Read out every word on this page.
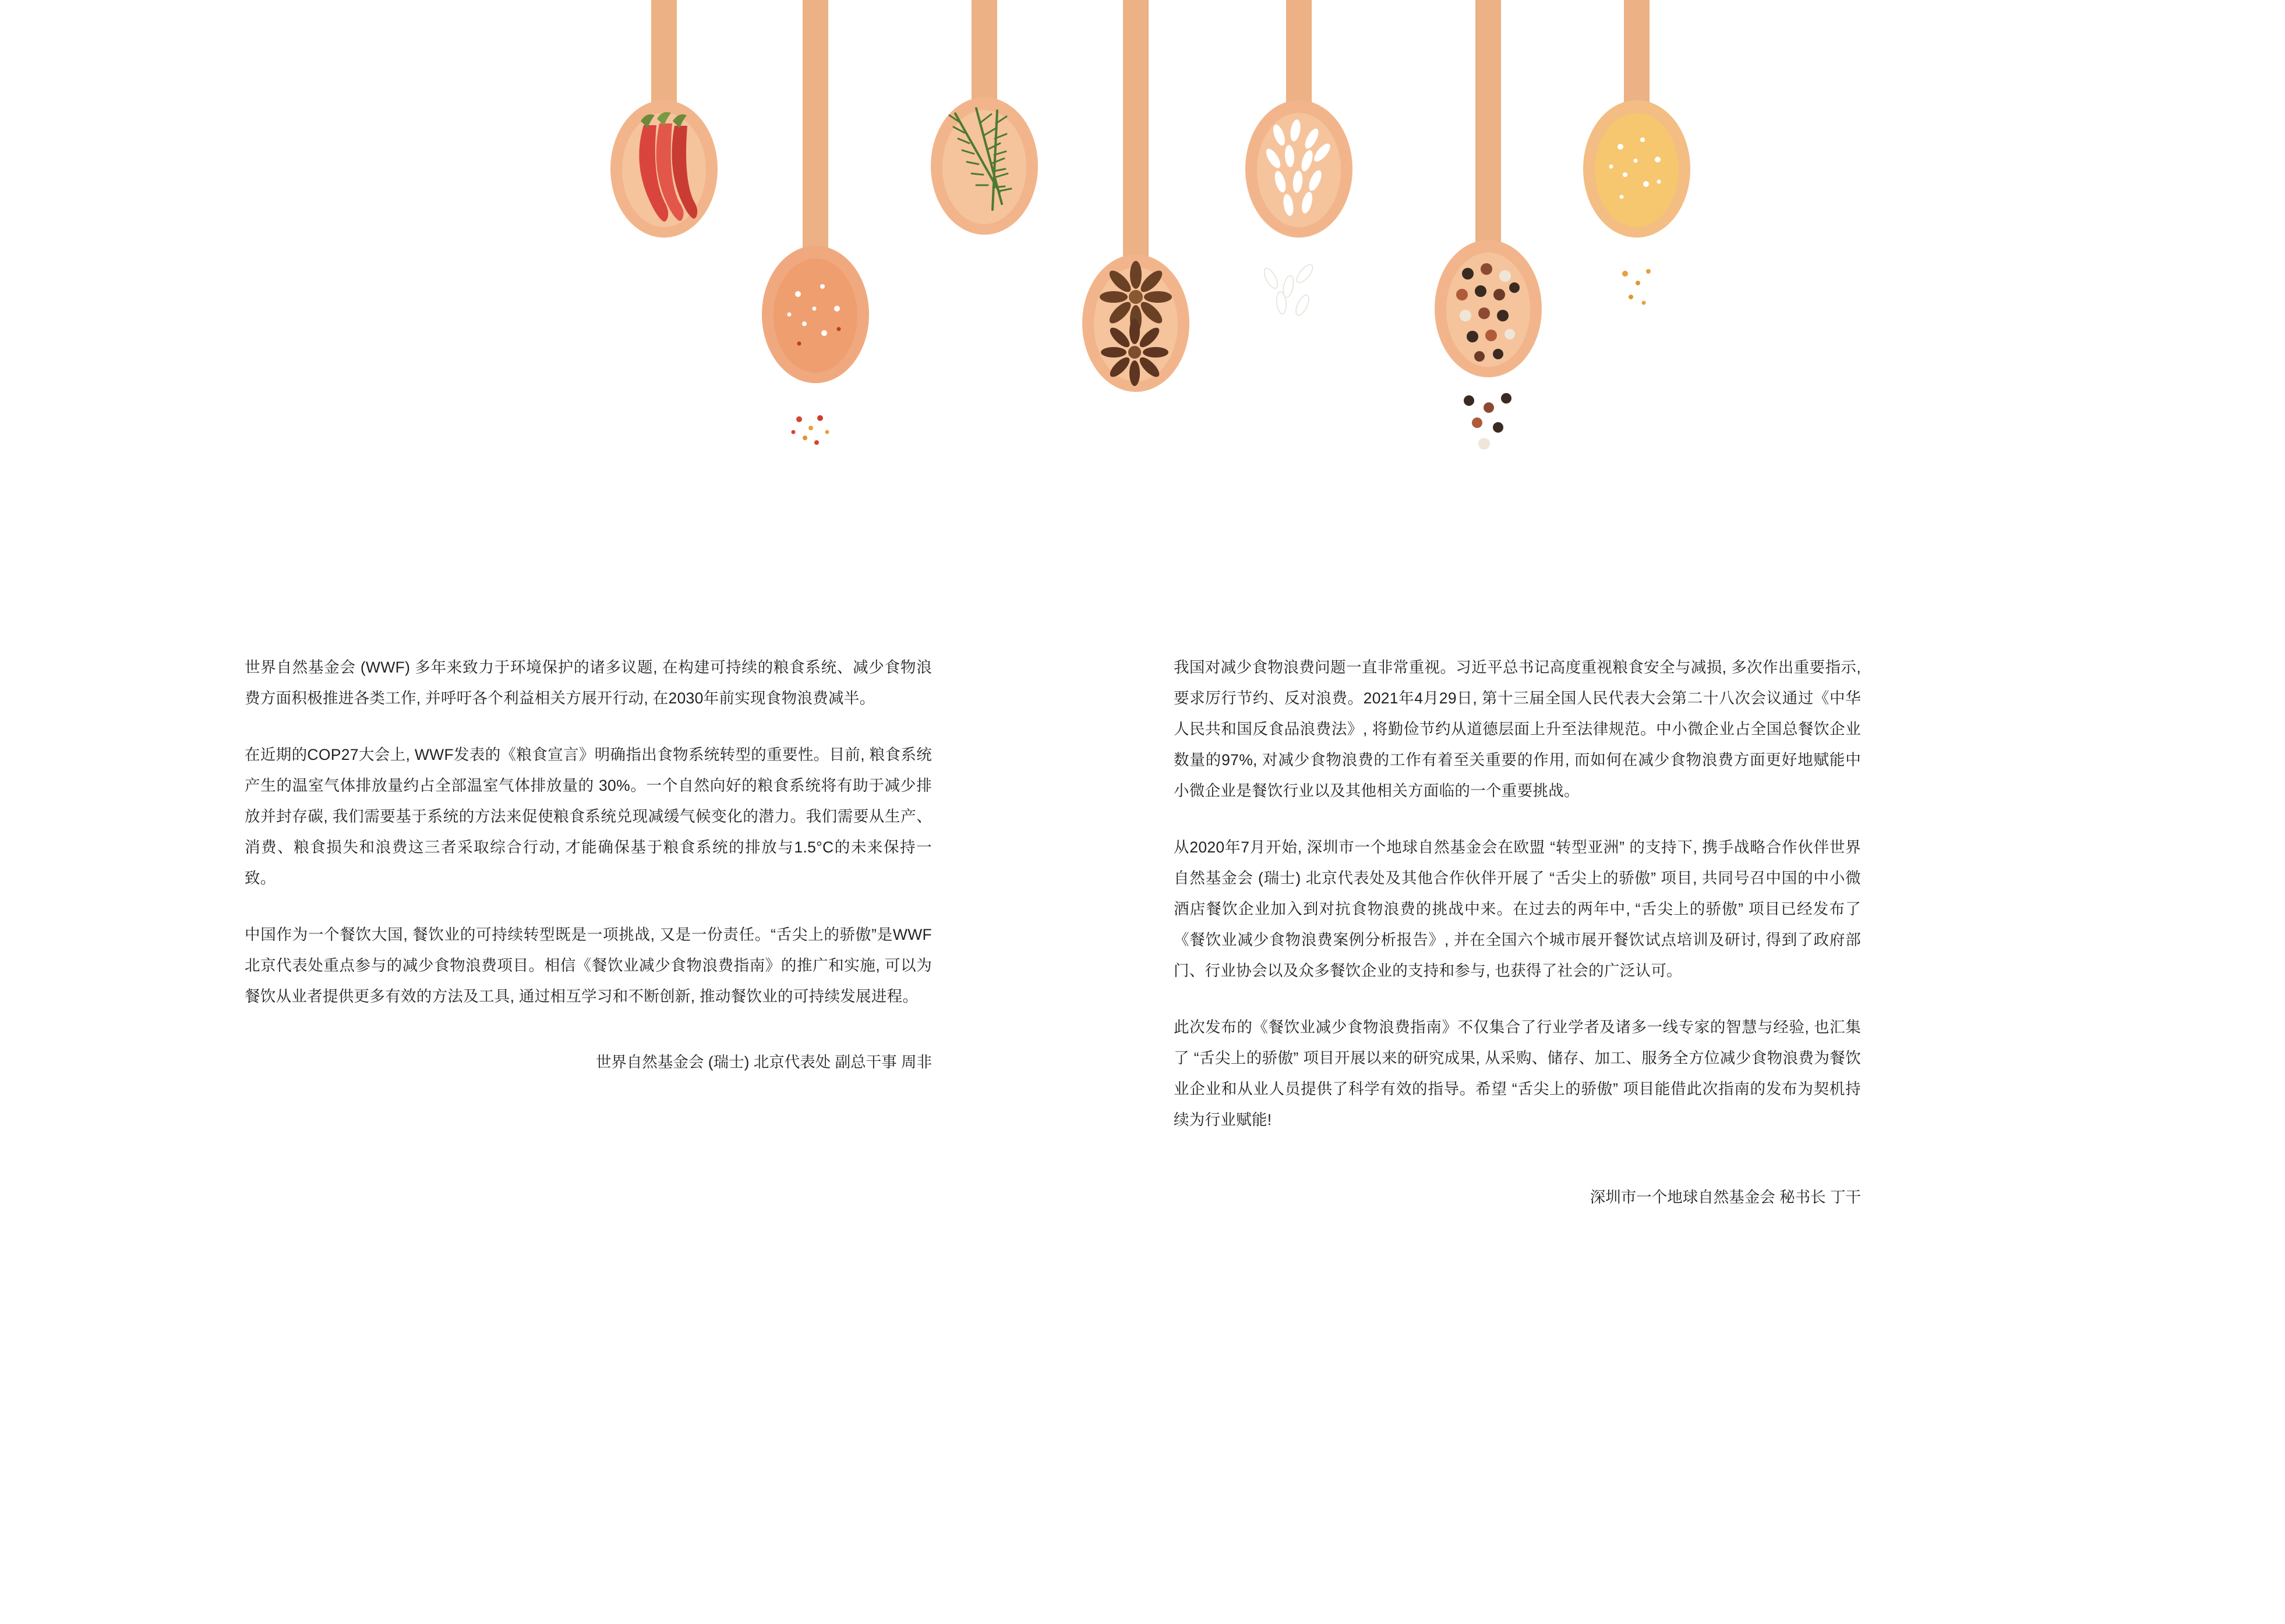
世界自然基金会 (WWF) 多年来致力于环境保护的诸多议题, 在构建可持续的粮食系统、减少食物浪费方面积极推进各类工作, 并呼吁各个利益相关方展开行动, 在2030年前实现食物浪费减半。

在近期的COP27大会上, WWF发表的《粮食宣言》明确指出食物系统转型的重要性。目前, 粮食系统产生的温室气体排放量约占全部温室气体排放量的 30%。一个自然向好的粮食系统将有助于减少排放并封存碳, 我们需要基于系统的方法来促使粮食系统兑现减缓气候变化的潜力。我们需要从生产、消费、粮食损失和浪费这三者采取综合行动, 才能确保基于粮食系统的排放与1.5°C的未来保持一致。

中国作为一个餐饮大国, 餐饮业的可持续转型既是一项挑战, 又是一份责任。“舌尖上的骄傲”是WWF北京代表处重点参与的减少食物浪费项目。相信《餐饮业减少食物浪费指南》的推广和实施, 可以为餐饮从业者提供更多有效的方法及工具, 通过相互学习和不断创新, 推动餐饮业的可持续发展进程。

世界自然基金会 (瑞士) 北京代表处 副总干事 周非

我国对减少食物浪费问题一直非常重视。习近平总书记高度重视粮食安全与减损, 多次作出重要指示, 要求厉行节约、反对浪费。2021年4月29日, 第十三届全国人民代表大会第二十八次会议通过《中华人民共和国反食品浪费法》, 将勤俭节约从道德层面上升至法律规范。中小微企业占全国总餐饮企业数量的97%, 对减少食物浪费的工作有着至关重要的作用, 而如何在减少食物浪费方面更好地赋能中小微企业是餐饮行业以及其他相关方面临的一个重要挑战。

从2020年7月开始, 深圳市一个地球自然基金会在欧盟 “转型亚洲” 的支持下, 携手战略合作伙伴世界自然基金会 (瑞士) 北京代表处及其他合作伙伴开展了 “舌尖上的骄傲” 项目, 共同号召中国的中小微酒店餐饮企业加入到对抗食物浪费的挑战中来。在过去的两年中, “舌尖上的骄傲” 项目已经发布了《餐饮业减少食物浪费案例分析报告》, 并在全国六个城市展开餐饮试点培训及研讨, 得到了政府部门、行业协会以及众多餐饮企业的支持和参与, 也获得了社会的广泛认可。

此次发布的《餐饮业减少食物浪费指南》不仅集合了行业学者及诸多一线专家的智慧与经验, 也汇集了 “舌尖上的骄傲” 项目开展以来的研究成果, 从采购、储存、加工、服务全方位减少食物浪费为餐饮业企业和从业人员提供了科学有效的指导。希望 “舌尖上的骄傲” 项目能借此次指南的发布为契机持续为行业赋能!

深圳市一个地球自然基金会 秘书长 丁干
